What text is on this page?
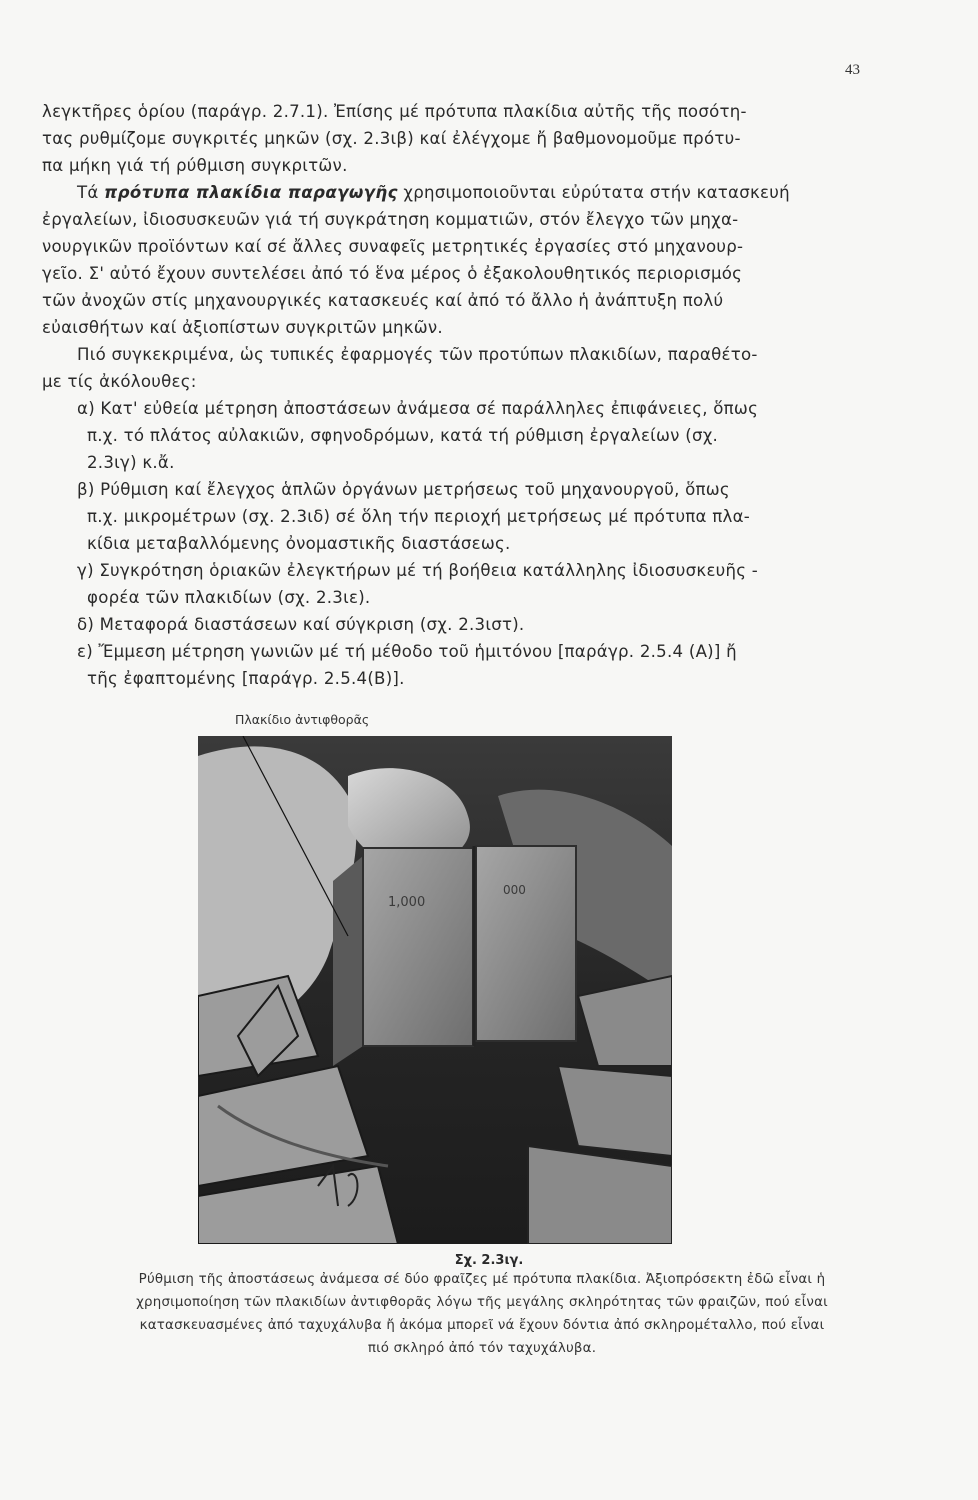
43
λεγκτῆρες ὁρίου (παράγρ. 2.7.1). Ἐπίσης μέ πρότυπα πλακίδια αὐτῆς τῆς ποσότη-
τας ρυθμίζομε συγκριτές μηκῶν (σχ. 2.3ιβ) καί ἐλέγχομε ἤ βαθμονομοῦμε πρότυ-
πα μήκη γιά τή ρύθμιση συγκριτῶν.
Τά πρότυπα πλακίδια παραγωγῆς χρησιμοποιοῦνται εὐρύτατα στήν κατασκευή
ἐργαλείων, ἰδιοσυσκευῶν γιά τή συγκράτηση κομματιῶν, στόν ἔλεγχο τῶν μηχα-
νουργικῶν προϊόντων καί σέ ἄλλες συναφεῖς μετρητικές ἐργασίες στό μηχανουρ-
γεῖο. Σ' αὐτό ἔχουν συντελέσει ἀπό τό ἕνα μέρος ὁ ἐξακολουθητικός περιορισμός
τῶν ἀνοχῶν στίς μηχανουργικές κατασκευές καί ἀπό τό ἄλλο ἡ ἀνάπτυξη πολύ
εὐαισθήτων καί ἀξιοπίστων συγκριτῶν μηκῶν.
Πιό συγκεκριμένα, ὡς τυπικές ἐφαρμογές τῶν προτύπων πλακιδίων, παραθέτο-
με τίς ἀκόλουθες:
α) Κατ' εὐθεία μέτρηση ἀποστάσεων ἀνάμεσα σέ παράλληλες ἐπιφάνειες, ὅπως
π.χ. τό πλάτος αὐλακιῶν, σφηνοδρόμων, κατά τή ρύθμιση ἐργαλείων (σχ.
2.3ιγ) κ.ἄ.
β) Ρύθμιση καί ἔλεγχος ἁπλῶν ὀργάνων μετρήσεως τοῦ μηχανουργοῦ, ὅπως
π.χ. μικρομέτρων (σχ. 2.3ιδ) σέ ὅλη τήν περιοχή μετρήσεως μέ πρότυπα πλα-
κίδια μεταβαλλόμενης ὀνομαστικῆς διαστάσεως.
γ) Συγκρότηση ὁριακῶν ἐλεγκτήρων μέ τή βοήθεια κατάλληλης ἰδιοσυσκευῆς -
φορέα τῶν πλακιδίων (σχ. 2.3ιε).
δ) Μεταφορά διαστάσεων καί σύγκριση (σχ. 2.3ιστ).
ε) Ἔμμεση μέτρηση γωνιῶν μέ τή μέθοδο τοῦ ἡμιτόνου [παράγρ. 2.5.4 (Α)] ἤ
τῆς ἐφαπτομένης [παράγρ. 2.5.4(Β)].
Πλακίδιο ἀντιφθορᾶς
1,000
000
Σχ. 2.3ιγ.
Ρύθμιση τῆς ἀποστάσεως ἀνάμεσα σέ δύο φραῖζες μέ πρότυπα πλακίδια. Ἀξιοπρόσεκτη ἐδῶ εἶναι ἡ
χρησιμοποίηση τῶν πλακιδίων ἀντιφθορᾶς λόγω τῆς μεγάλης σκληρότητας τῶν φραιζῶν, πού εἶναι
κατασκευασμένες ἀπό ταχυχάλυβα ἤ ἀκόμα μπορεῖ νά ἔχουν δόντια ἀπό σκληρομέταλλο, πού εἶναι
πιό σκληρό ἀπό τόν ταχυχάλυβα.
